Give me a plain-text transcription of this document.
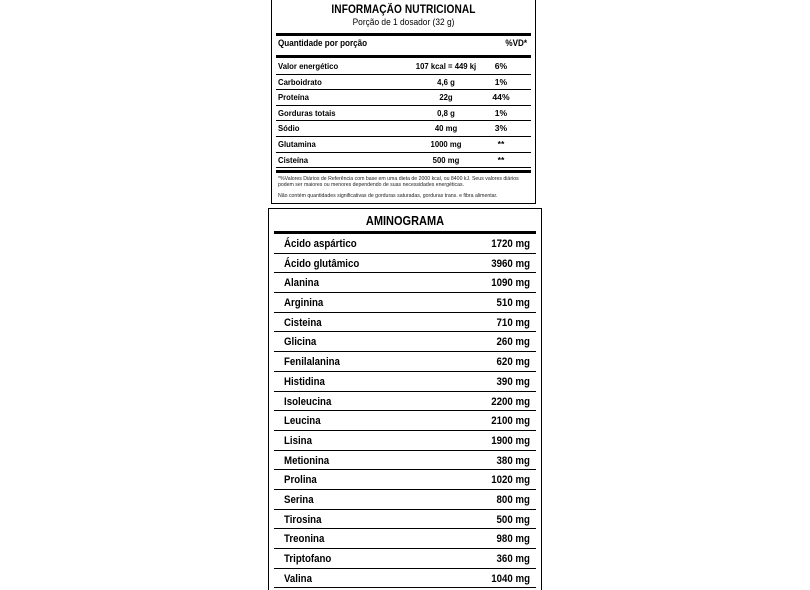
INFORMAÇÃO NUTRICIONAL
Porção de 1 dosador (32 g)
Quantidade por porção	%VD*
Valor energético	107 kcal = 449 kj	6%
Carboidrato	4,6 g	1%
Proteína	22g	44%
Gorduras totais	0,8 g	1%
Sódio	40 mg	3%
Glutamina	1000 mg	**
Cisteína	500 mg	**
*%Valores Diários de Referência com base em uma dieta de 2000 kcal, ou 8400 kJ. Seus valores diários podem ser maiores ou menores dependendo de suas necessidades energéticas.
Não contém quantidades significativas de gorduras saturadas, gorduras trans. e fibra alimentar.
AMINOGRAMA
Ácido aspártico	1720 mg
Ácido glutâmico	3960 mg
Alanina	1090 mg
Arginina	510 mg
Cisteina	710 mg
Glicina	260 mg
Fenilalanina	620 mg
Histidina	390 mg
Isoleucina	2200 mg
Leucina	2100 mg
Lisina	1900 mg
Metionina	380 mg
Prolina	1020 mg
Serina	800 mg
Tirosina	500 mg
Treonina	980 mg
Triptofano	360 mg
Valina	1040 mg
